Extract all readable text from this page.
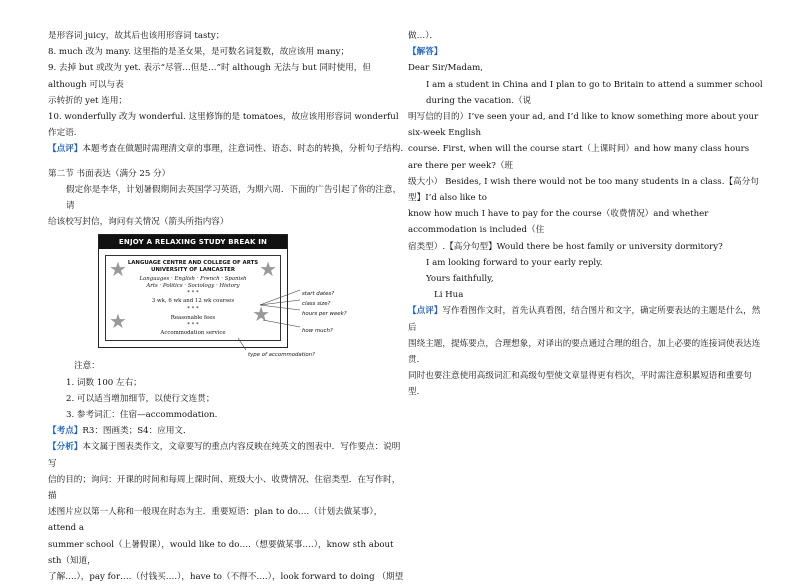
是形容词 juicy，故其后也该用形容词 tasty；

8. much 改为 many. 这里指的是圣女果，是可数名词复数，故应该用 many；

9. 去掉 but 或改为 yet. 表示“尽管…但是…”时 although 无法与 but 同时使用，但 although 可以与表

示转折的 yet 连用；

10. wonderfully 改为 wonderful. 这里修饰的是 tomatoes，故应该用形容词 wonderful 作定语.

【点评】本题考查在做题时需理清文章的事理，注意词性、语态、时态的转换，分析句子结构.

第二节 书面表达（满分 25 分）

假定你是李华，计划暑假期间去英国学习英语，为期六周．下面的广告引起了你的注意，请

给该校写封信，询问有关情况（箭头所指内容）

ENJOY A RELAXING STUDY BREAK IN BEAUTIFUL LANCASTER
★	★
★	★
LANGUAGE CENTRE AND COLLEGE OF ARTS
UNIVERSITY OF LANCASTER
Languages · English · French · Spanish
Arts · Politics · Sociology · History
* * *
3 wk, 6 wk and 12 wk courses
* * *
Reasonable fees
* * *
Accommodation service
start dates?
class size?
hours per week?
how much?
type of accommodation?

注意：

1. 词数 100 左右；

2. 可以适当增加细节，以使行文连贯；

3. 参考词汇：住宿—accommodation.

【考点】R3：图画类；S4：应用文．

【分析】本文属于图表类作文，文章要写的重点内容反映在纯英文的图表中．写作要点：说明写

信的目的；询问：开课的时间和每周上课时间、班级大小、收费情况、住宿类型．在写作时，描

述图片应以第一人称和一般现在时态为主．重要短语：plan to do….（计划去做某事），attend a

summer school（上暑假课），would like to do….（想要做某事….），know sth about sth（知道，

了解….），pay for….（付钱买….），have to（不得不….），look forward to doing （期望

做…）．

【解答】

Dear Sir/Madam,

I am a student in China and I plan to go to Britain to attend a summer school during the vacation.（说

明写信的目的）I’ve seen your ad, and I’d like to know something more about your six-week English

course. First, when will the course start（上课时间）and how many class hours are there per week?（班

级大小） Besides, I wish there would not be too many students in a class.【高分句型】I’d also like to

know how much I have to pay for the course（收费情况）and whether accommodation is included（住

宿类型）.【高分句型】Would there be host family or university dormitory?

I am looking forward to your early reply.

Yours faithfully,

Li Hua

【点评】写作看图作文时，首先认真看图，结合图片和文字，确定所要表达的主题是什么，然后

围绕主题，提炼要点，合理想象，对译出的要点通过合理的组合，加上必要的连接词使表达连贯．

同时也要注意使用高级词汇和高级句型使文章显得更有档次，平时需注意积累短语和重要句型．
